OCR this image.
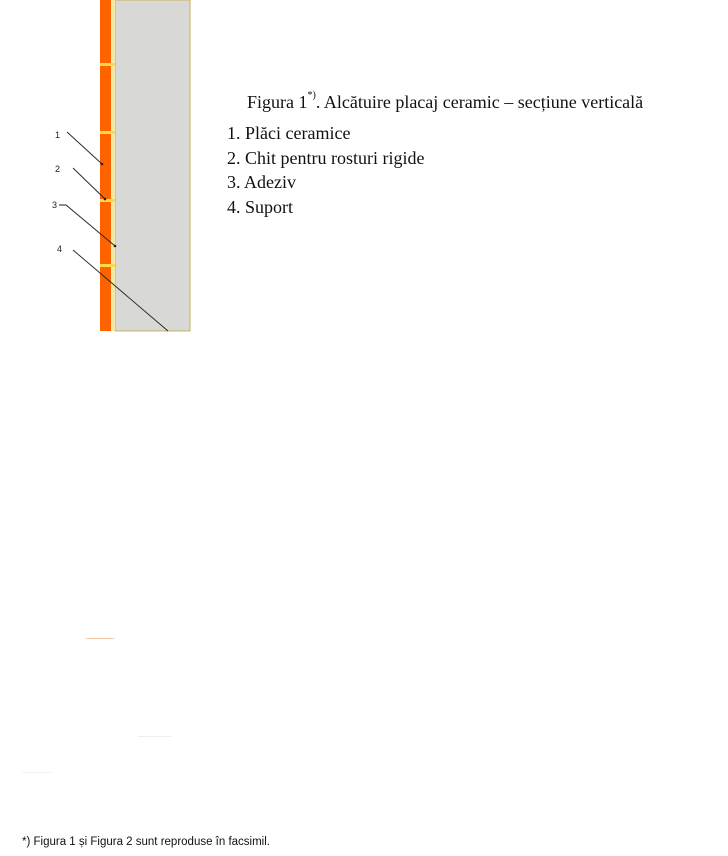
1
2
3
4

Figura 1*). Alcătuire placaj ceramic – secțiune verticală

1. Plăci ceramice
2. Chit pentru rosturi rigide
3. Adeziv
4. Suport

*) Figura 1 și Figura 2 sunt reproduse în facsimil.
